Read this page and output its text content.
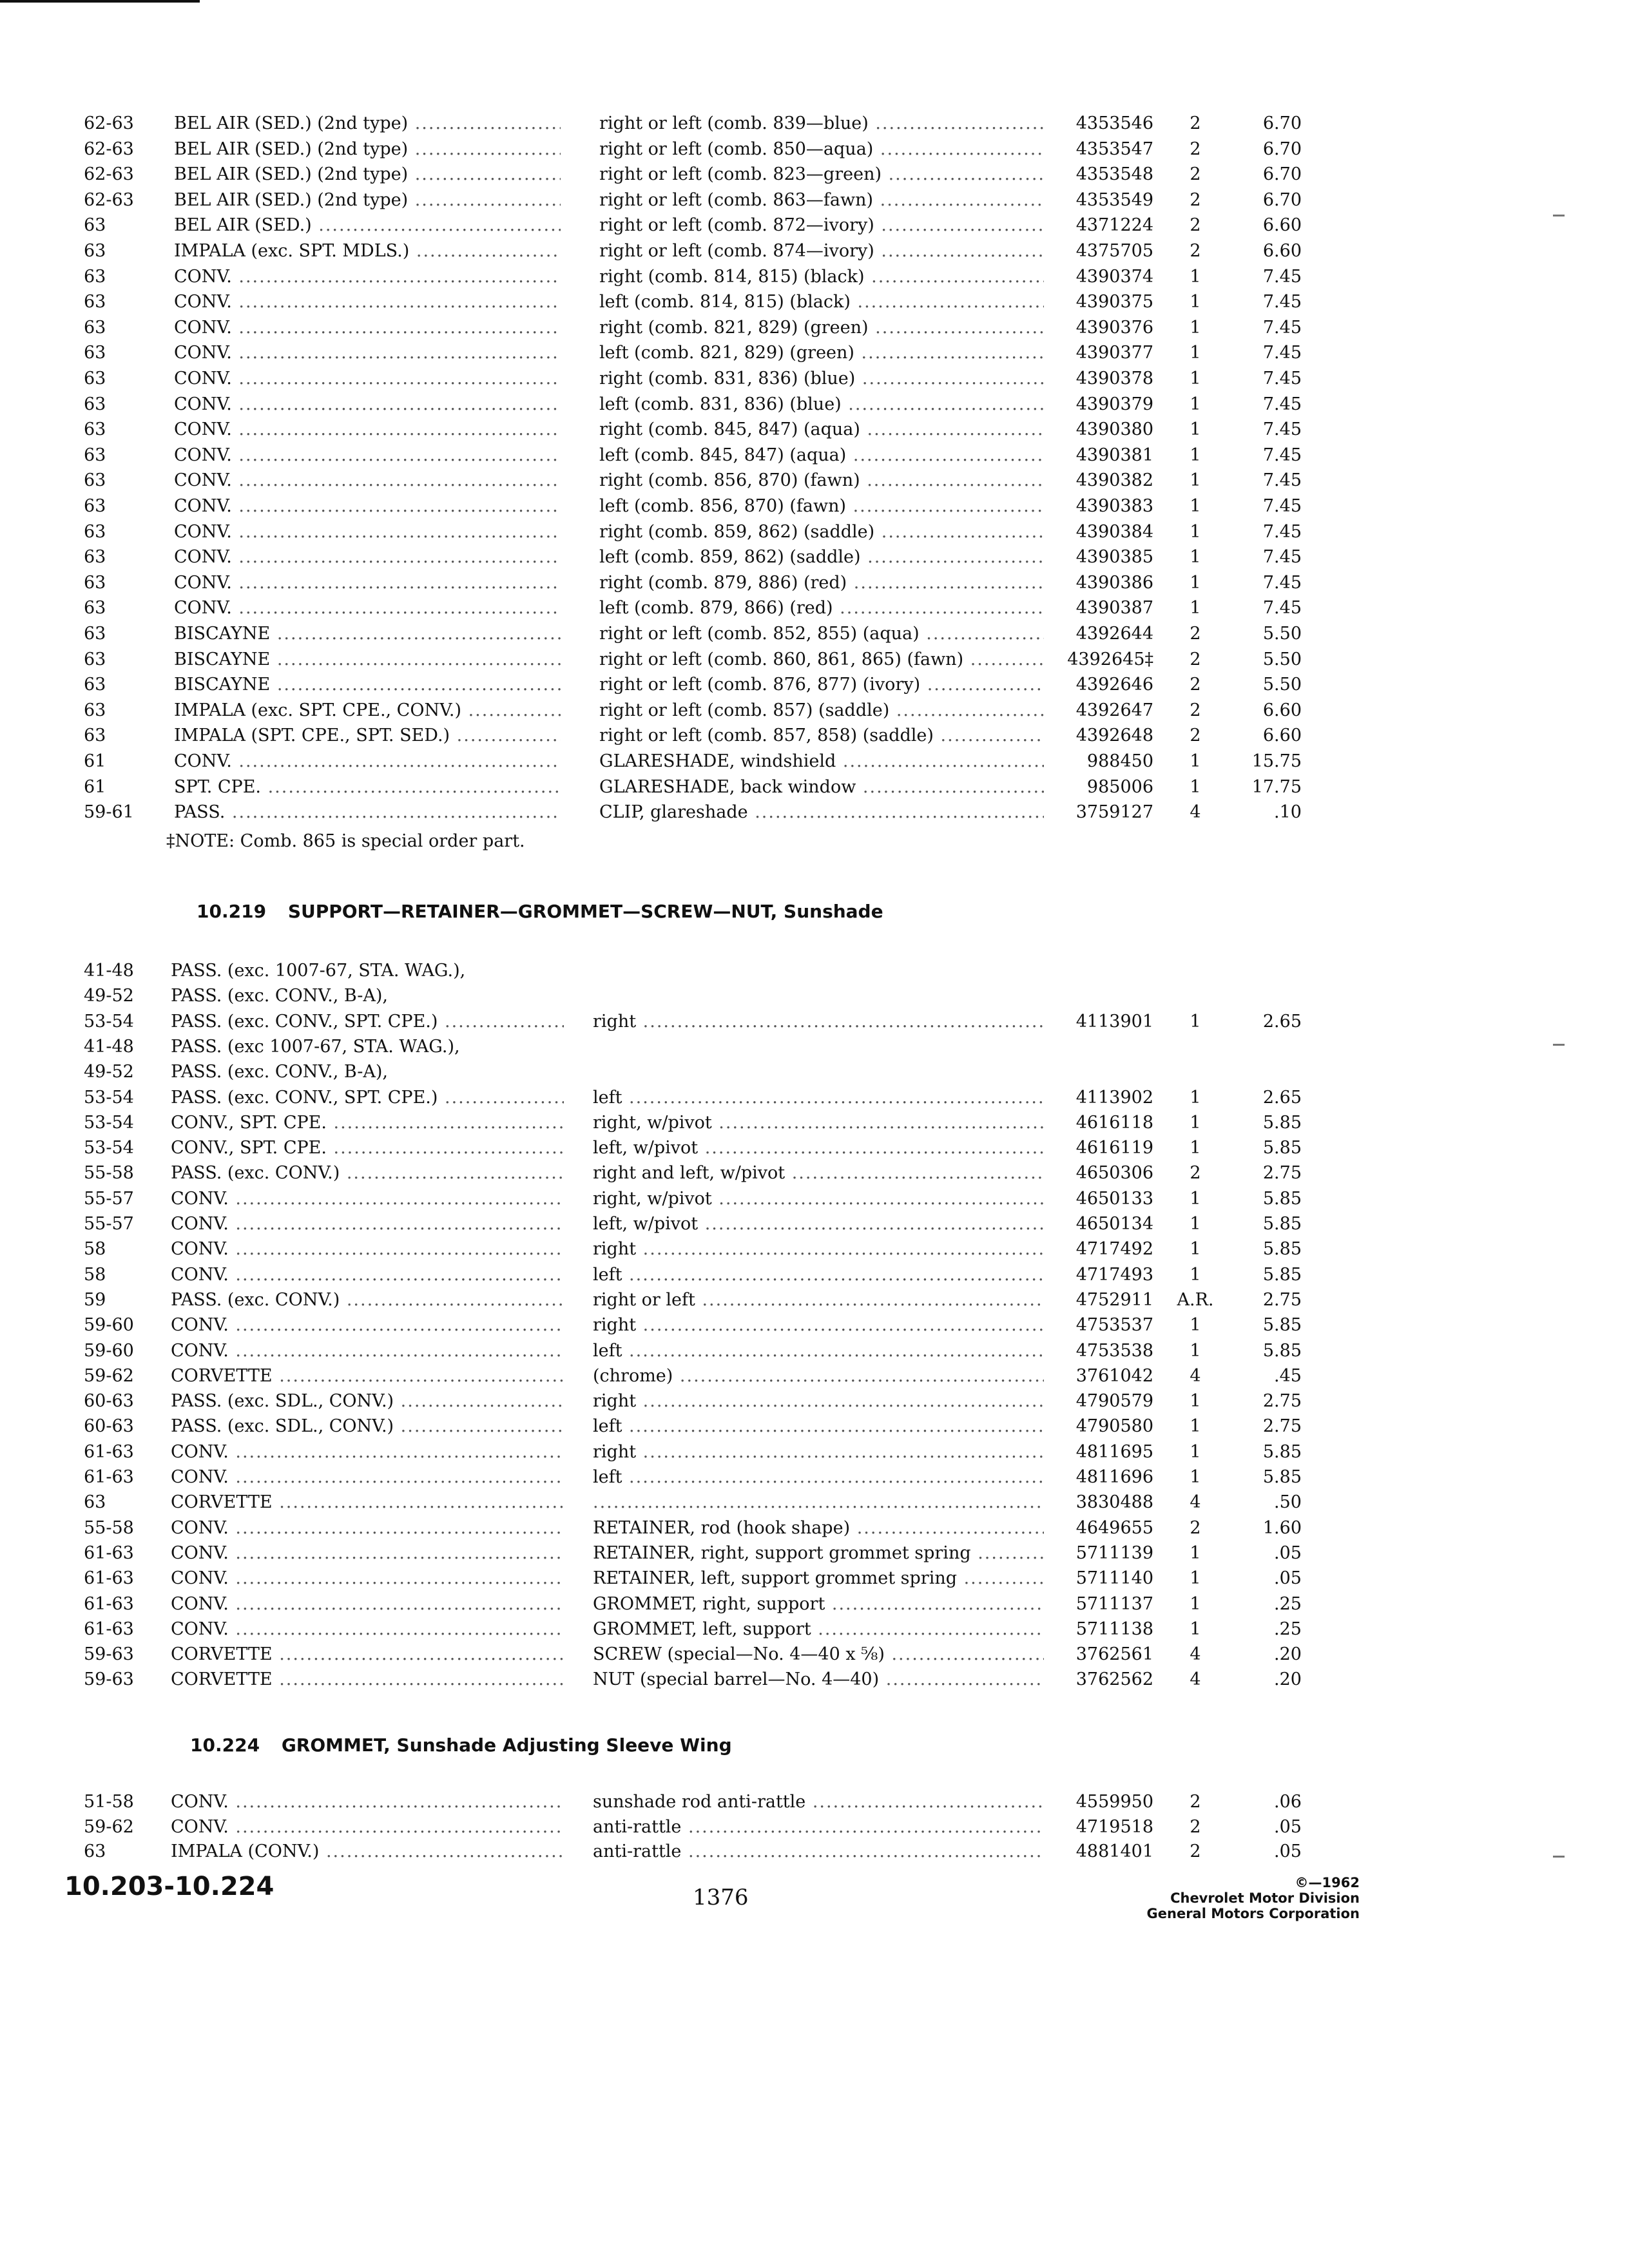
62-63 BEL AIR (SED.) (2nd type) .....	right or left (comb. 839—blue) .....	4353546	2	6.70
62-63 BEL AIR (SED.) (2nd type) .....	right or left (comb. 850—aqua) .....	4353547	2	6.70
62-63 BEL AIR (SED.) (2nd type) .....	right or left (comb. 823—green) .....	4353548	2	6.70
62-63 BEL AIR (SED.) (2nd type) .....	right or left (comb. 863—fawn) .....	4353549	2	6.70
63	BEL AIR (SED.) .....	right or left (comb. 872—ivory) .....	4371224	2	6.60
63	IMPALA (exc. SPT. MDLS.) .....	right or left (comb. 874—ivory) .....	4375705	2	6.60
63	CONV. .....	right (comb. 814, 815) (black) .....	4390374	1	7.45
63	CONV. .....	left (comb. 814, 815) (black) .....	4390375	1	7.45
63	CONV. .....	right (comb. 821, 829) (green) .....	4390376	1	7.45
63	CONV. .....	left (comb. 821, 829) (green) .....	4390377	1	7.45
63	CONV. .....	right (comb. 831, 836) (blue) .....	4390378	1	7.45
63	CONV. .....	left (comb. 831, 836) (blue) .....	4390379	1	7.45
63	CONV. .....	right (comb. 845, 847) (aqua) .....	4390380	1	7.45
63	CONV. .....	left (comb. 845, 847) (aqua) .....	4390381	1	7.45
63	CONV. .....	right (comb. 856, 870) (fawn) .....	4390382	1	7.45
63	CONV. .....	left (comb. 856, 870) (fawn) .....	4390383	1	7.45
63	CONV. .....	right (comb. 859, 862) (saddle) .....	4390384	1	7.45
63	CONV. .....	left (comb. 859, 862) (saddle) .....	4390385	1	7.45
63	CONV. .....	right (comb. 879, 886) (red) .....	4390386	1	7.45
63	CONV. .....	left (comb. 879, 866) (red) .....	4390387	1	7.45
63	BISCAYNE .....	right or left (comb. 852, 855) (aqua) .....	4392644	2	5.50
63	BISCAYNE .....	right or left (comb. 860, 861, 865) (fawn) .....	4392645‡	2	5.50
63	BISCAYNE .....	right or left (comb. 876, 877) (ivory) .....	4392646	2	5.50
63	IMPALA (exc. SPT. CPE., CONV.) .....	right or left (comb. 857) (saddle) .....	4392647	2	6.60
63	IMPALA (SPT. CPE., SPT. SED.) .....	right or left (comb. 857, 858) (saddle) .....	4392648	2	6.60
61	CONV. .....	GLARESHADE, windshield .....	988450	1	15.75
61	SPT. CPE. .....	GLARESHADE, back window .....	985006	1	17.75
59-61 PASS. .....	CLIP, glareshade .....	3759127	4	.10
‡NOTE: Comb. 865 is special order part.
10.219 SUPPORT—RETAINER—GROMMET—SCREW—NUT, Sunshade
41-48 PASS. (exc. 1007-67, STA. WAG.),
49-52 PASS. (exc. CONV., B-A),
53-54 PASS. (exc. CONV., SPT. CPE.) .....	right .....	4113901	1	2.65
41-48 PASS. (exc 1007-67, STA. WAG.),
49-52 PASS. (exc. CONV., B-A),
53-54 PASS. (exc. CONV., SPT. CPE.) .....	left .....	4113902	1	2.65
53-54 CONV., SPT. CPE. .....	right, w/pivot .....	4616118	1	5.85
53-54 CONV., SPT. CPE. .....	left, w/pivot .....	4616119	1	5.85
55-58 PASS. (exc. CONV.) .....	right and left, w/pivot .....	4650306	2	2.75
55-57 CONV. .....	right, w/pivot .....	4650133	1	5.85
55-57 CONV. .....	left, w/pivot .....	4650134	1	5.85
58	CONV. .....	right .....	4717492	1	5.85
58	CONV. .....	left .....	4717493	1	5.85
59	PASS. (exc. CONV.) .....	right or left .....	4752911 A.R.	2.75
59-60 CONV. .....	right .....	4753537	1	5.85
59-60 CONV. .....	left .....	4753538	1	5.85
59-62 CORVETTE .....	(chrome) .....	3761042	4	.45
60-63 PASS. (exc. SDL., CONV.) .....	right .....	4790579	1	2.75
60-63 PASS. (exc. SDL., CONV.) .....	left .....	4790580	1	2.75
61-63 CONV. .....	right .....	4811695	1	5.85
61-63 CONV. .....	left .....	4811696	1	5.85
63	CORVETTE .....
.....	3830488	4	.50
55-58 CONV. .....	RETAINER, rod (hook shape) .....	4649655	2	1.60
61-63 CONV. .....	RETAINER, right, support grommet spring .....	5711139	1	.05
61-63 CONV. .....	RETAINER, left, support grommet spring .....	5711140	1	.05
61-63 CONV. .....	GROMMET, right, support .....	5711137	1	.25
61-63 CONV. .....	GROMMET, left, support .....	5711138	1	.25
59-63 CORVETTE .....	SCREW (special—No. 4—40 x ⅝) .....	3762561	4	.20
59-63 CORVETTE .....	NUT (special barrel—No. 4—40) .....	3762562	4	.20
10.224 GROMMET, Sunshade Adjusting Sleeve Wing
51-58 CONV. .....	sunshade rod anti-rattle .....	4559950	2	.06
59-62 CONV. .....	anti-rattle .....	4719518	2	.05
63	IMPALA (CONV.) .....	anti-rattle .....	4881401	2	.05
10.203-10.224	1376
©—1962
Chevrolet Motor Division
General Motors Corporation
